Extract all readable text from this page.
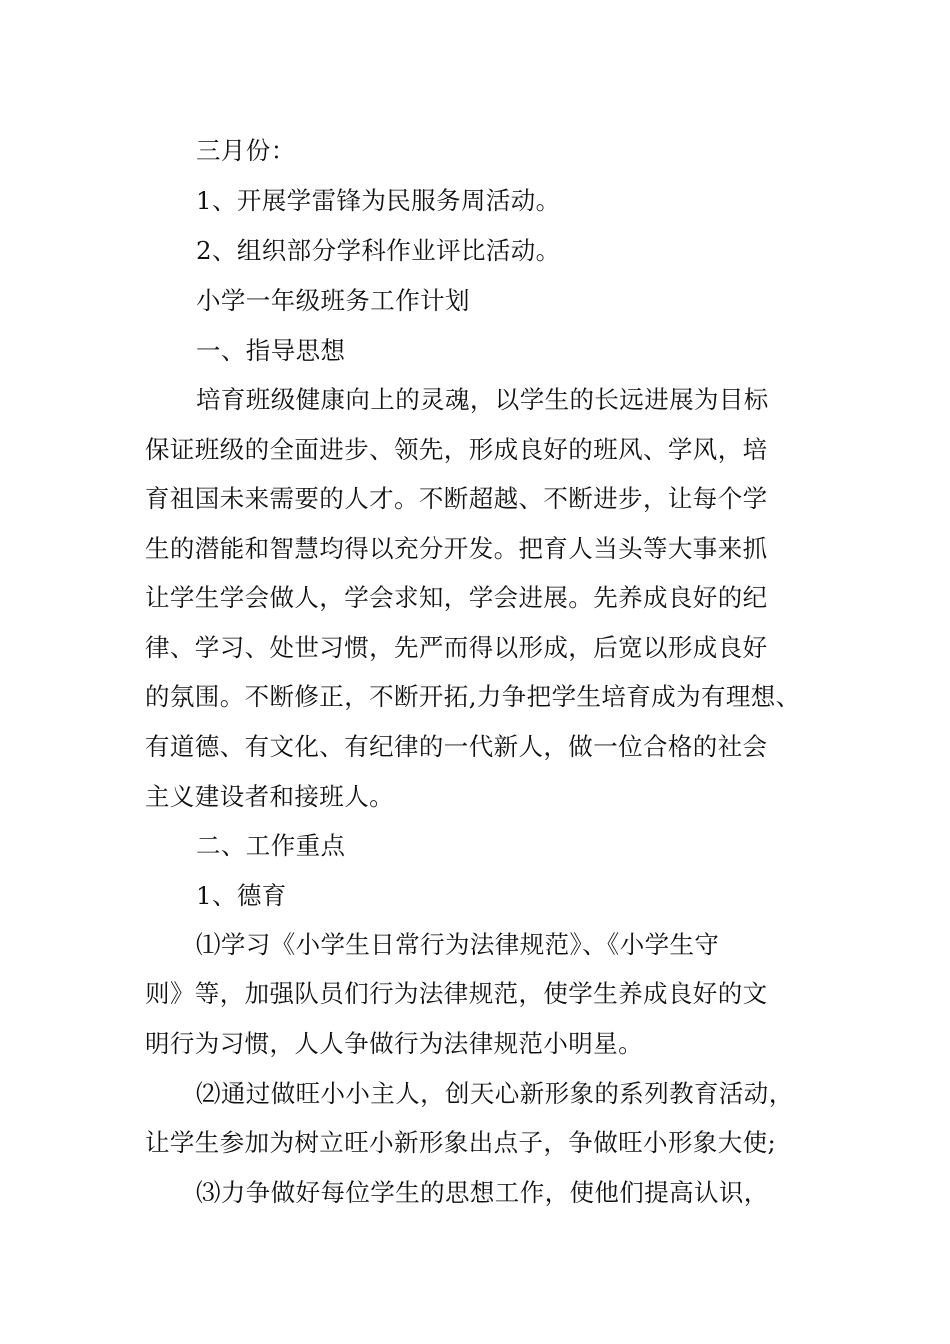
三月份：

1、开展学雷锋为民服务周活动。

2、组织部分学科作业评比活动。

小学一年级班务工作计划

一、指导思想

培育班级健康向上的灵魂，以学生的长远进展为目标

保证班级的全面进步、领先，形成良好的班风、学风，培

育祖国未来需要的人才。不断超越、不断进步，让每个学

生的潜能和智慧均得以充分开发。把育人当头等大事来抓

让学生学会做人，学会求知，学会进展。先养成良好的纪

律、学习、处世习惯，先严而得以形成，后宽以形成良好

的氛围。不断修正，不断开拓,力争把学生培育成为有理想、

有道德、有文化、有纪律的一代新人，做一位合格的社会

主义建设者和接班人。

二、工作重点

1、德育

⑴学习《小学生日常行为法律规范》、《小学生守

则》等，加强队员们行为法律规范，使学生养成良好的文

明行为习惯，人人争做行为法律规范小明星。

⑵通过做旺小小主人，创天心新形象的系列教育活动，

让学生参加为树立旺小新形象出点子，争做旺小形象大使;

⑶力争做好每位学生的思想工作，使他们提高认识，
